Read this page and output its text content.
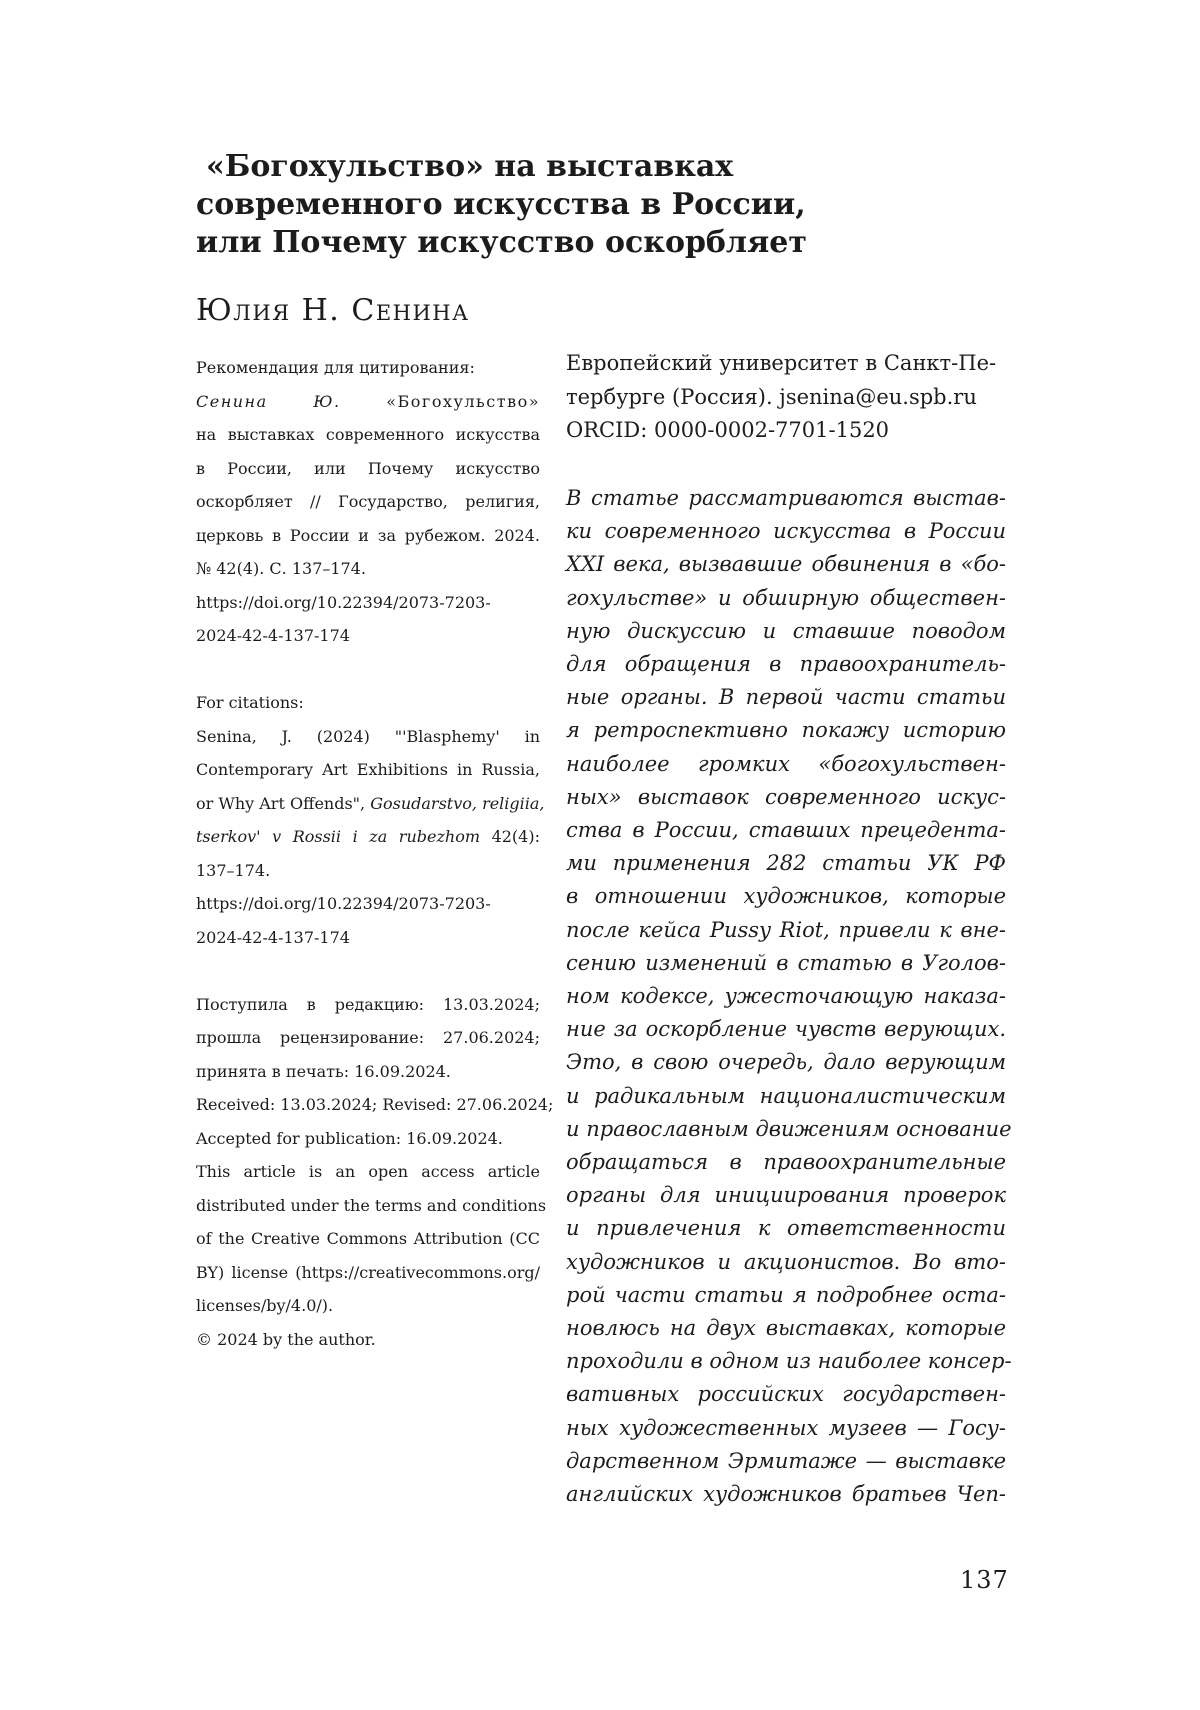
«Богохульство» на выставках
современного искусства в России,
или Почему искусство оскорбляет
Юлия Н. Сенина
Рекомендация для цитирования:
Сенина Ю.	«Богохульство»
на выставках современного искусства
в России, или Почему искусство
оскорбляет // Государство, религия,
церковь в России и за рубежом. 2024.
№ 42(4). С. 137–174.
https://doi.org/10.22394/2073-7203-
2024-42-4-137-174
For citations:
Senina, J. (2024) "'Blasphemy' in
Contemporary Art Exhibitions in Russia,
or Why Art Offends", Gosudarstvo, religiia,
tserkov' v Rossii i za rubezhom 42(4):
137–174.
https://doi.org/10.22394/2073-7203-
2024-42-4-137-174
Поступила в редакцию: 13.03.2024;
прошла рецензирование: 27.06.2024;
принята в печать: 16.09.2024.
Received: 13.03.2024; Revised: 27.06.2024;
Accepted for publication: 16.09.2024.
This article is an open access article
distributed under the terms and conditions
of the Creative Commons Attribution (CC
BY) license (https://creativecommons.org/
licenses/by/4.0/).
© 2024 by the author.
Европейский университет в Санкт-Пе-
тербурге (Россия). jsenina@eu.spb.ru
ORCID: 0000-0002-7701-1520
В статье рассматриваются выстав-
ки современного искусства в России
XXI века, вызвавшие обвинения в «бо-
гохульстве» и обширную обществен-
ную дискуссию и ставшие поводом
для обращения в правоохранитель-
ные органы. В первой части статьи
я ретроспективно покажу историю
наиболее громких «богохульствен-
ных» выставок современного искус-
ства в России, ставших прецедента-
ми применения 282 статьи УК РФ
в отношении художников, которые
после кейса Pussy Riot, привели к вне-
сению изменений в статью в Уголов-
ном кодексе, ужесточающую наказа-
ние за оскорбление чувств верующих.
Это, в свою очередь, дало верующим
и радикальным националистическим
и православным движениям основание
обращаться в правоохранительные
органы для инициирования проверок
и привлечения к ответственности
художников и акционистов. Во вто-
рой части статьи я подробнее оста-
новлюсь на двух выставках, которые
проходили в одном из наиболее консер-
вативных российских государствен-
ных художественных музеев — Госу-
дарственном Эрмитаже — выставке
английских художников братьев Чеп-
137
